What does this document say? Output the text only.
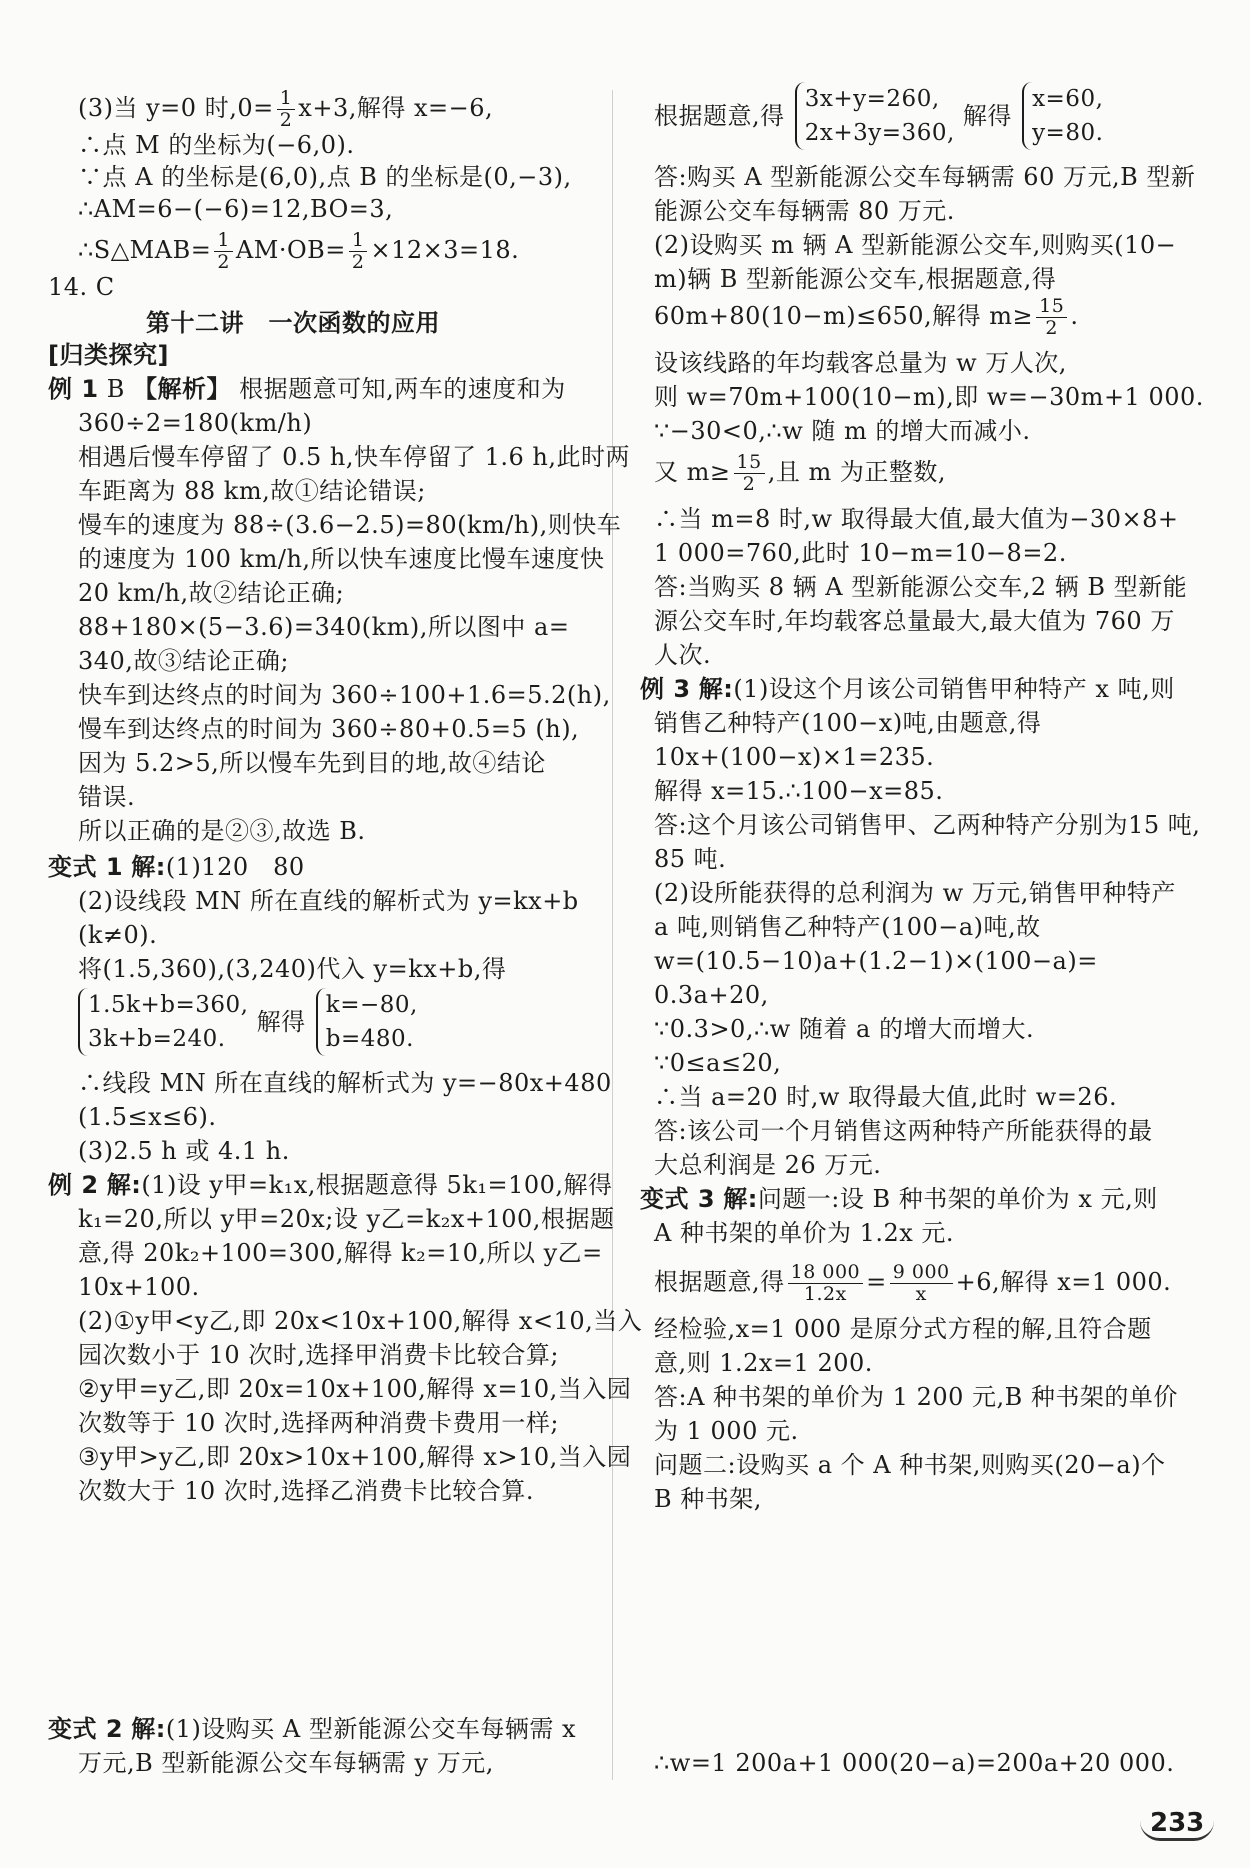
(3)当 y=0 时$,0= \frac{1}{2} x+3$,解得 x=−6,
∴点 M 的坐标为(−6,0).
∵点 A 的坐标是(6,0),点 B 的坐标是(0,−3),
∴AM=6−(−6)=12,BO=3,
∴S△MAB= $\frac{1}{2} AM\cdot OB= \frac{1}{2} \times 12\times 3=18$.
14. C
第十二讲　一次函数的应用
[归类探究]
例 1 B 【解析】 根据题意可知,两车的速度和为
360÷2=180(km/h)
相遇后慢车停留了 0.5 h,快车停留了 1.6 h,此时两
车距离为 88 km,故①结论错误;
慢车的速度为 88÷(3.6−2.5)=80(km/h),则快车
的速度为 100 km/h,所以快车速度比慢车速度快
20 km/h,故②结论正确;
88+180×(5−3.6)=340(km),所以图中 a=
340,故③结论正确;
快车到达终点的时间为 360÷100+1.6=5.2(h),
慢车到达终点的时间为 360÷80+0.5=5 (h),
因为 5.2>5,所以慢车先到目的地,故④结论
错误.
所以正确的是②③,故选 B.
变式 1 解:(1)120　80
(2)设线段 MN 所在直线的解析式为 y=kx+b
(k≠0).
将(1.5,360),(3,240)代入 y=kx+b,得
1.5k+b=360,
3k+b=240.
解得
k=−80,
b=480.
∴线段 MN 所在直线的解析式为 y=−80x+480
(1.5≤x≤6).
(3)2.5 h 或 4.1 h.
例 2 解:(1)设 y甲=k₁x,根据题意得 5k₁=100,解得
k₁=20,所以 y甲=20x;设 y乙=k₂x+100,根据题
意,得 20k₂+100=300,解得 k₂=10,所以 y乙=
10x+100.
(2)①y甲<y乙,即 20x<10x+100,解得 x<10,当入
园次数小于 10 次时,选择甲消费卡比较合算;
②y甲=y乙,即 20x=10x+100,解得 x=10,当入园
次数等于 10 次时,选择两种消费卡费用一样;
③y甲>y乙,即 20x>10x+100,解得 x>10,当入园
次数大于 10 次时,选择乙消费卡比较合算.
变式 2 解:(1)设购买 A 型新能源公交车每辆需 x
万元,B 型新能源公交车每辆需 y 万元,
根据题意,得
3x+y=260,
2x+3y=360,
解得
x=60,
y=80.
答:购买 A 型新能源公交车每辆需 60 万元,B 型新
能源公交车每辆需 80 万元.
(2)设购买 m 辆 A 型新能源公交车,则购买(10−
m)辆 B 型新能源公交车,根据题意,得
60m+80(10−m)≤650,解得 $m\ge \frac{15}{2}$ .
设该线路的年均载客总量为 w 万人次,
则 w=70m+100(10−m),即 w=−30m+1 000.
∵−30<0,∴w 随 m 的增大而减小.
又 $m\ge \frac{15}{2}$ ,且 m 为正整数,
∴当 m=8 时,w 取得最大值,最大值为−30×8+
1 000=760,此时 10−m=10−8=2.
答:当购买 8 辆 A 型新能源公交车,2 辆 B 型新能
源公交车时,年均载客总量最大,最大值为 760 万
人次.
例 3 解:(1)设这个月该公司销售甲种特产 x 吨,则
销售乙种特产(100−x)吨,由题意,得
10x+(100−x)×1=235.
解得 x=15.∴100−x=85.
答:这个月该公司销售甲、乙两种特产分别为15 吨,
85 吨.
(2)设所能获得的总利润为 w 万元,销售甲种特产
a 吨,则销售乙种特产(100−a)吨,故
w=(10.5−10)a+(1.2−1)×(100−a)=
0.3a+20,
∵0.3>0,∴w 随着 a 的增大而增大.
∵0≤a≤20,
∴当 a=20 时,w 取得最大值,此时 w=26.
答:该公司一个月销售这两种特产所能获得的最
大总利润是 26 万元.
变式 3 解:问题一:设 B 种书架的单价为 x 元,则
A 种书架的单价为 1.2x 元.
根据题意,得 $\frac{18 000}{1.2x} = \frac{9 000}{x} +6$,解得 x=1 000.
经检验,x=1 000 是原分式方程的解,且符合题
意,则 1.2x=1 200.
答:A 种书架的单价为 1 200 元,B 种书架的单价
为 1 000 元.
问题二:设购买 a 个 A 种书架,则购买(20−a)个
B 种书架,
∴w=1 200a+1 000(20−a)=200a+20 000.
233
